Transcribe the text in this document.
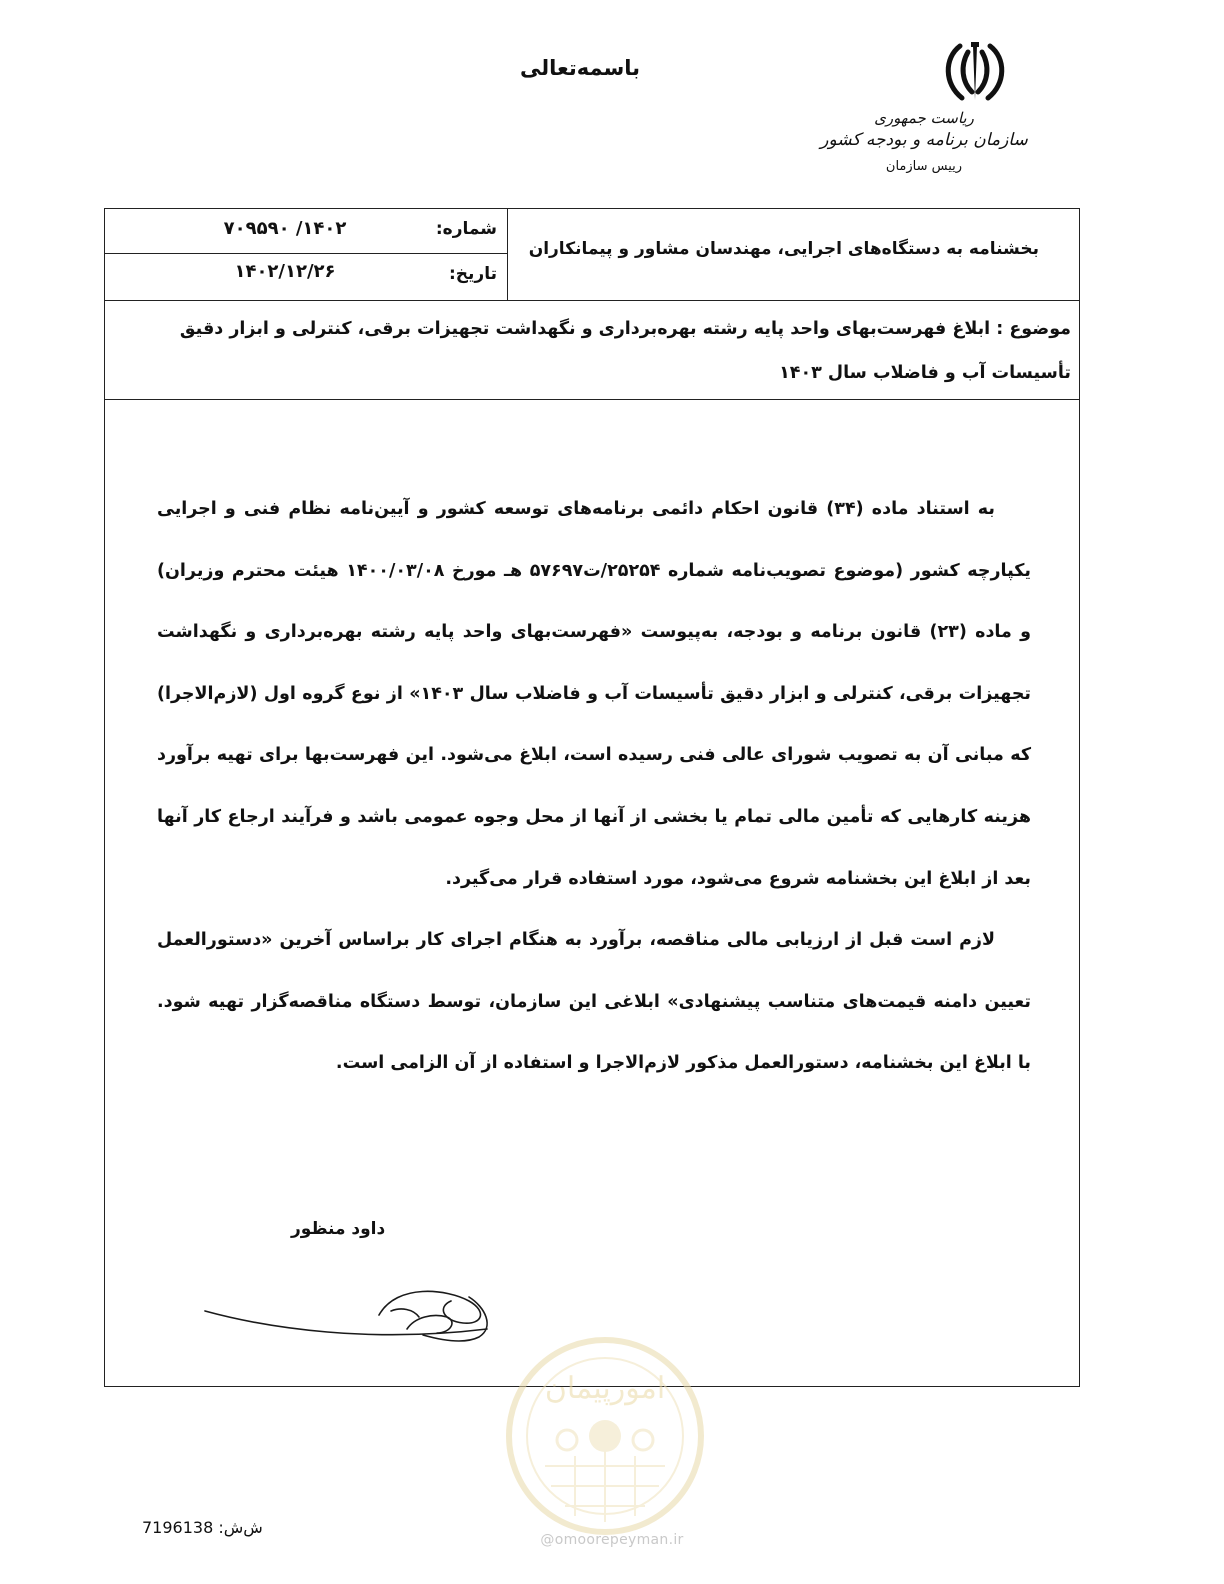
باسمه‌تعالی
ریاست جمهوری
سازمان برنامه و بودجه کشور
رییس سازمان
بخشنامه به دستگاه‌های اجرایی، مهندسان مشاور و پیمانکاران
شماره:
۱۴۰۲/ ۷۰۹۵۹۰
تاریخ:
۱۴۰۲/۱۲/۲۶
موضوع : ابلاغ فهرست‌بهای واحد پایه رشته بهره‌برداری و نگهداشت تجهیزات برقی، کنترلی و ابزار دقیق
تأسیسات آب و فاضلاب سال ۱۴۰۳

به استناد ماده (۳۴) قانون احکام دائمی برنامه‌های توسعه کشور و آیین‌نامه نظام فنی و اجرایی یکپارچه کشور (موضوع تصویب‌نامه شماره ۲۵۲۵۴/ت۵۷۶۹۷ هـ مورخ ۱۴۰۰/۰۳/۰۸ هیئت محترم وزیران) و ماده (۲۳) قانون برنامه و بودجه، به‌پیوست «فهرست‌بهای واحد پایه رشته بهره‌برداری و نگهداشت تجهیزات برقی، کنترلی و ابزار دقیق تأسیسات آب و فاضلاب سال ۱۴۰۳» از نوع گروه اول (لازم‌الاجرا) که مبانی آن به تصویب شورای عالی فنی رسیده است، ابلاغ می‌شود. این فهرست‌بها برای تهیه برآورد هزینه کارهایی که تأمین مالی تمام یا بخشی از آنها از محل وجوه عمومی باشد و فرآیند ارجاع کار آنها بعد از ابلاغ این بخشنامه شروع می‌شود، مورد استفاده قرار می‌گیرد.

لازم است قبل از ارزیابی مالی مناقصه، برآورد به هنگام اجرای کار براساس آخرین «دستورالعمل تعیین دامنه قیمت‌های متناسب پیشنهادی» ابلاغی این سازمان، توسط دستگاه مناقصه‌گزار تهیه شود. با ابلاغ این بخشنامه، دستورالعمل مذکور لازم‌الاجرا و استفاده از آن الزامی است.

داود منظور
امورپیمان
@omoorepeyman.ir
ش‌ش: 7196138
